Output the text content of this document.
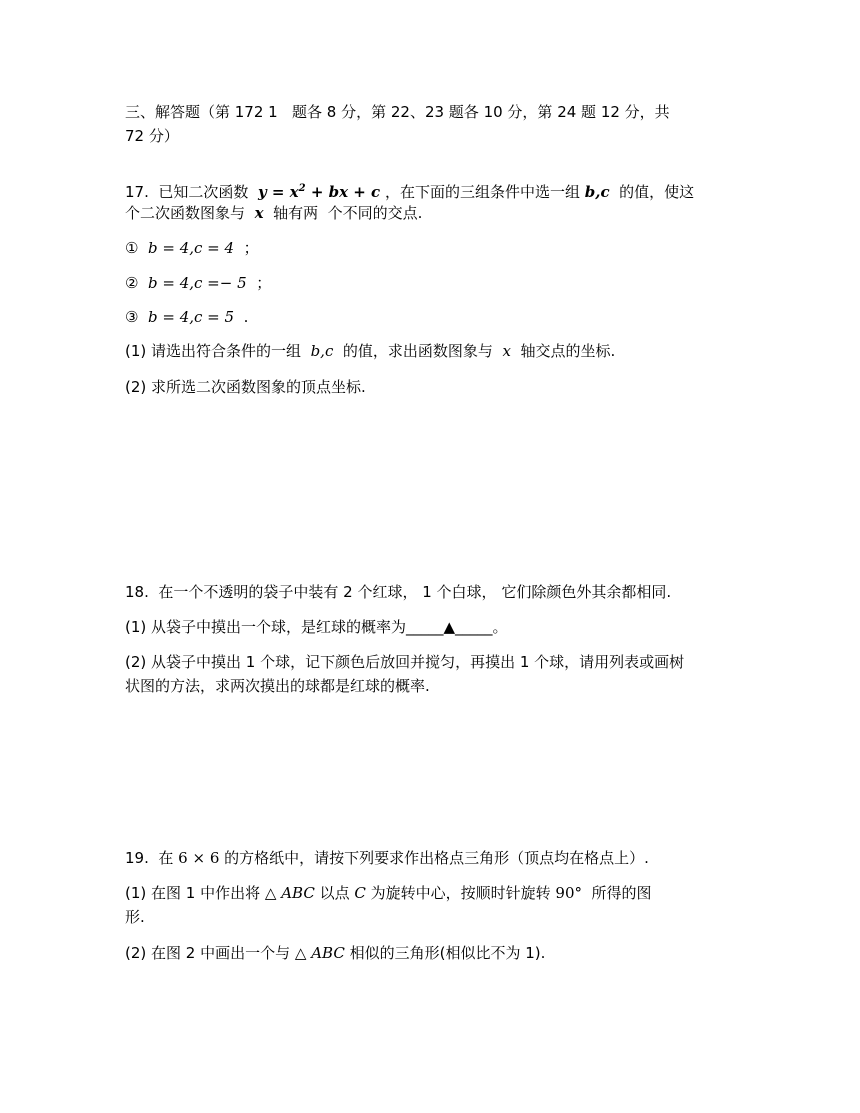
三、解答题（第 172 1   题各 8 分，第 22、23 题各 10 分，第 24 题 12 分，共
72 分）
17.  已知二次函数 $y = x^2$ + bx + c ，在下面的三组条件中选一组 b,c 的值，使这
个二次函数图象与 x 轴有两  个不同的交点.
① b = 4,c = 4 ；
② b = 4,c =− 5 ；
③ b = 4,c = 5 .
(1) 请选出符合条件的一组 b,c 的值，求出函数图象与 x 轴交点的坐标.
(2) 求所选二次函数图象的顶点坐标.
18.  在一个不透明的袋子中装有 2 个红球， 1 个白球， 它们除颜色外其余都相同.
(1) 从袋子中摸出一个球，是红球的概率为_____▲_____。
(2) 从袋子中摸出 1 个球，记下颜色后放回并搅匀，再摸出 1 个球，请用列表或画树
状图的方法，求两次摸出的球都是红球的概率.
19.  在 6 × 6 的方格纸中，请按下列要求作出格点三角形（顶点均在格点上）.
(1) 在图 1 中作出将 △ ABC 以点 C 为旋转中心，按顺时针旋转 90°  所得的图
形.
(2) 在图 2 中画出一个与 △ ABC 相似的三角形(相似比不为 1).
